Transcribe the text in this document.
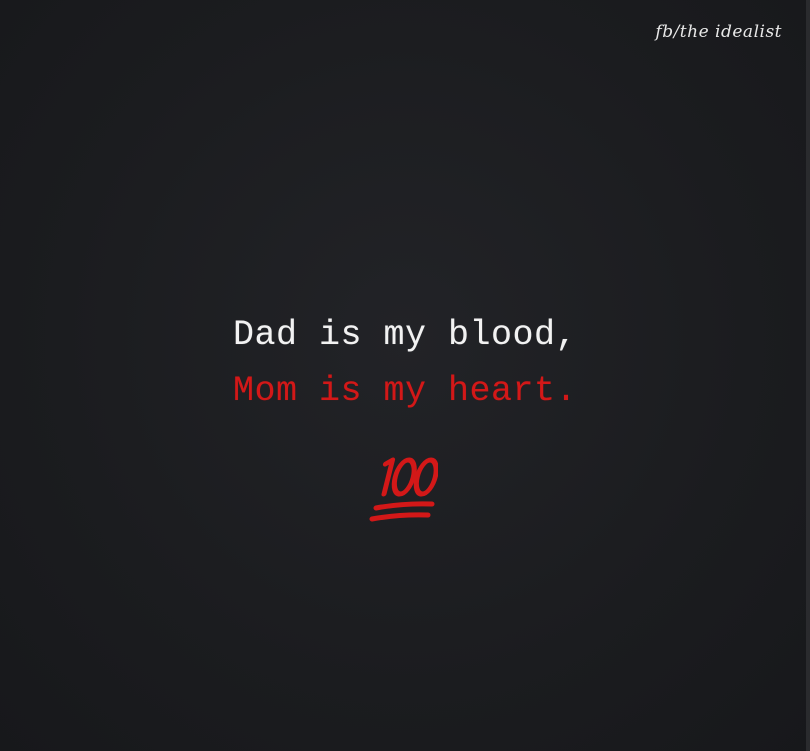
fb/the idealist
Dad is my blood,
Mom is my heart.
